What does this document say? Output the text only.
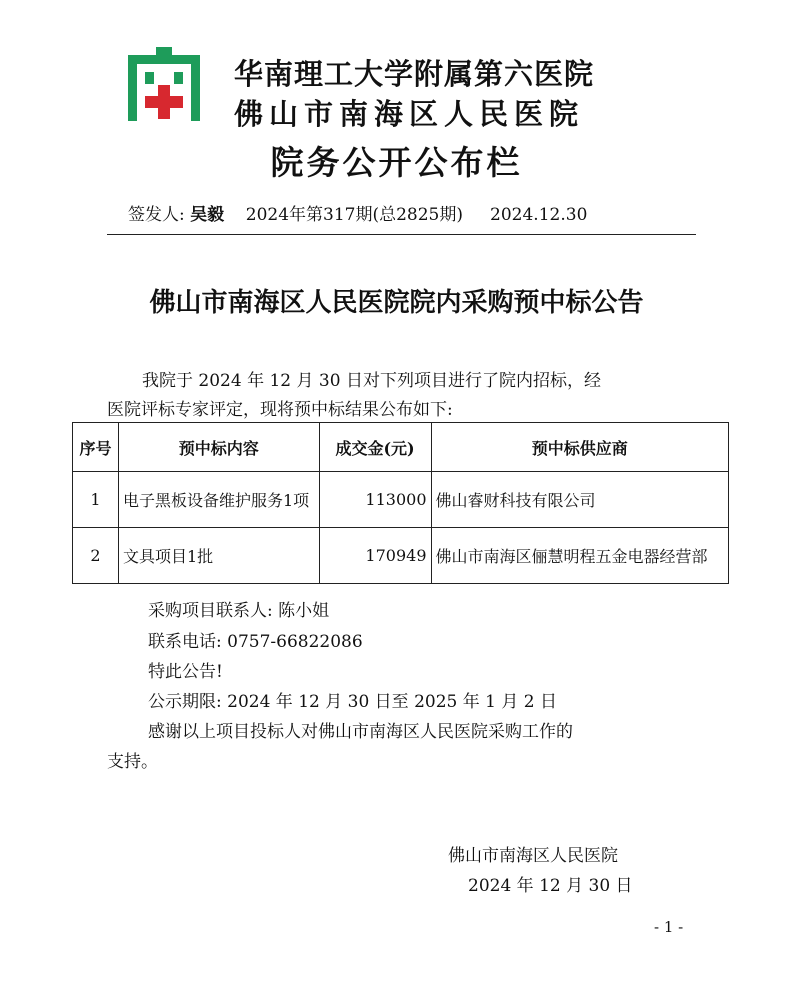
华南理工大学附属第六医院
佛山市南海区人民医院
院务公开公布栏
签发人: 吴毅 2024年第317期(总2825期) 2024.12.30
佛山市南海区人民医院院内采购预中标公告
我院于 2024 年 12 月 30 日对下列项目进行了院内招标，经
医院评标专家评定，现将预中标结果公布如下:
序号	预中标内容	成交金(元)	预中标供应商
1	电子黑板设备维护服务1项	113000	佛山睿财科技有限公司
2	文具项目1批	170949	佛山市南海区俪慧明程五金电器经营部
采购项目联系人: 陈小姐
联系电话: 0757-66822086
特此公告!
公示期限: 2024 年 12 月 30 日至 2025 年 1 月 2 日
感谢以上项目投标人对佛山市南海区人民医院采购工作的
支持。
佛山市南海区人民医院
2024 年 12 月 30 日
- 1 -
